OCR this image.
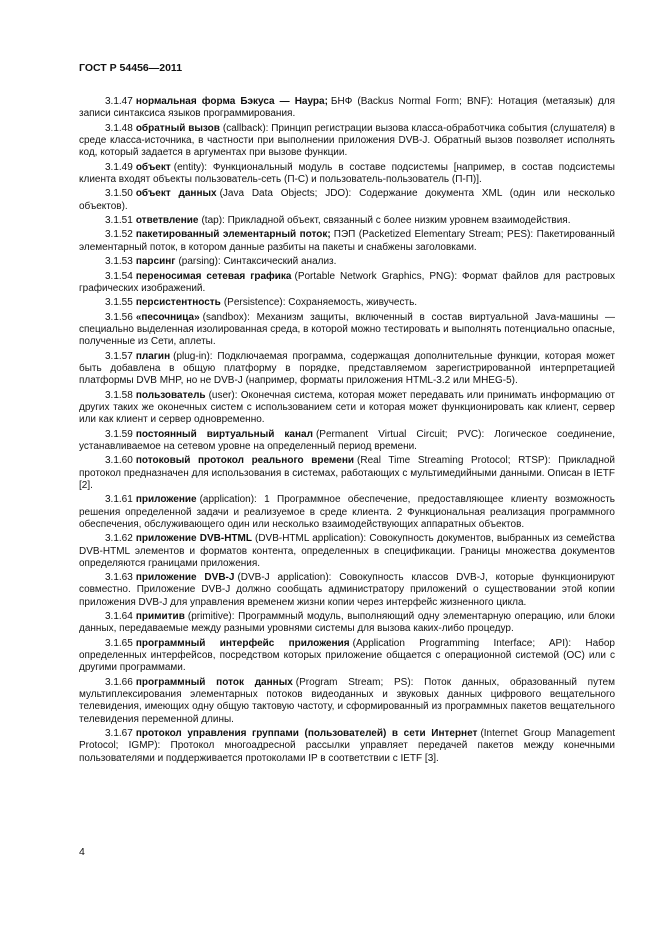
ГОСТ Р 54456—2011

3.1.47 нормальная форма Бэкуса — Наура; БНФ (Backus Normal Form; BNF): Нотация (метаязык) для записи синтаксиса языков программирования.

3.1.48 обратный вызов (callback): Принцип регистрации вызова класса-обработчика события (слушателя) в среде класса-источника, в частности при выполнении приложения DVB-J. Обратный вызов позволяет исполнять код, который задается в аргументах при вызове функции.

3.1.49 объект (entity): Функциональный модуль в составе подсистемы [например, в состав подсистемы клиента входят объекты пользователь-сеть (П-С) и пользователь-пользователь (П-П)].

3.1.50 объект данных (Java Data Objects; JDO): Содержание документа XML (один или несколько объектов).

3.1.51 ответвление (tap): Прикладной объект, связанный с более низким уровнем взаимодействия.

3.1.52 пакетированный элементарный поток; ПЭП (Packetized Elementary Stream; PES): Пакетированный элементарный поток, в котором данные разбиты на пакеты и снабжены заголовками.

3.1.53 парсинг (parsing): Синтаксический анализ.

3.1.54 переносимая сетевая графика (Portable Network Graphics, PNG): Формат файлов для растровых графических изображений.

3.1.55 персистентность (Persistence): Сохраняемость, живучесть.

3.1.56 «песочница» (sandbox): Механизм защиты, включенный в состав виртуальной Java-машины — специально выделенная изолированная среда, в которой можно тестировать и выполнять потенциально опасные, полученные из Сети, аплеты.

3.1.57 плагин (plug-in): Подключаемая программа, содержащая дополнительные функции, которая может быть добавлена в общую платформу в порядке, представляемом зарегистрированной интерпретацией платформы DVB MHP, но не DVB-J (например, форматы приложения HTML-3.2 или MHEG-5).

3.1.58 пользователь (user): Оконечная система, которая может передавать или принимать информацию от других таких же оконечных систем с использованием сети и которая может функционировать как клиент, сервер или как клиент и сервер одновременно.

3.1.59 постоянный виртуальный канал (Permanent Virtual Circuit; PVC): Логическое соединение, устанавливаемое на сетевом уровне на определенный период времени.

3.1.60 потоковый протокол реального времени (Real Time Streaming Protocol; RTSP): Прикладной протокол предназначен для использования в системах, работающих с мультимедийными данными. Описан в IETF [2].

3.1.61 приложение (application): 1 Программное обеспечение, предоставляющее клиенту возможность решения определенной задачи и реализуемое в среде клиента. 2 Функциональная реализация программного обеспечения, обслуживающего один или несколько взаимодействующих аппаратных объектов.

3.1.62 приложение DVB-HTML (DVB-HTML application): Совокупность документов, выбранных из семейства DVB-HTML элементов и форматов контента, определенных в спецификации. Границы множества документов определяются границами приложения.

3.1.63 приложение DVB-J (DVB-J application): Совокупность классов DVB-J, которые функционируют совместно. Приложение DVB-J должно сообщать администратору приложений о существовании этой копии приложения DVB-J для управления временем жизни копии через интерфейс жизненного цикла.

3.1.64 примитив (primitive): Программный модуль, выполняющий одну элементарную операцию, или блоки данных, передаваемые между разными уровнями системы для вызова каких-либо процедур.

3.1.65 программный интерфейс приложения (Application Programming Interface; API): Набор определенных интерфейсов, посредством которых приложение общается с операционной системой (ОС) или с другими программами.

3.1.66 программный поток данных (Program Stream; PS): Поток данных, образованный путем мультиплексирования элементарных потоков видеоданных и звуковых данных цифрового вещательного телевидения, имеющих одну общую тактовую частоту, и сформированный из программных пакетов вещательного телевидения переменной длины.

3.1.67 протокол управления группами (пользователей) в сети Интернет (Internet Group Management Protocol; IGMP): Протокол многоадресной рассылки управляет передачей пакетов между конечными пользователями и поддерживается протоколами IP в соответствии с IETF [3].

4
